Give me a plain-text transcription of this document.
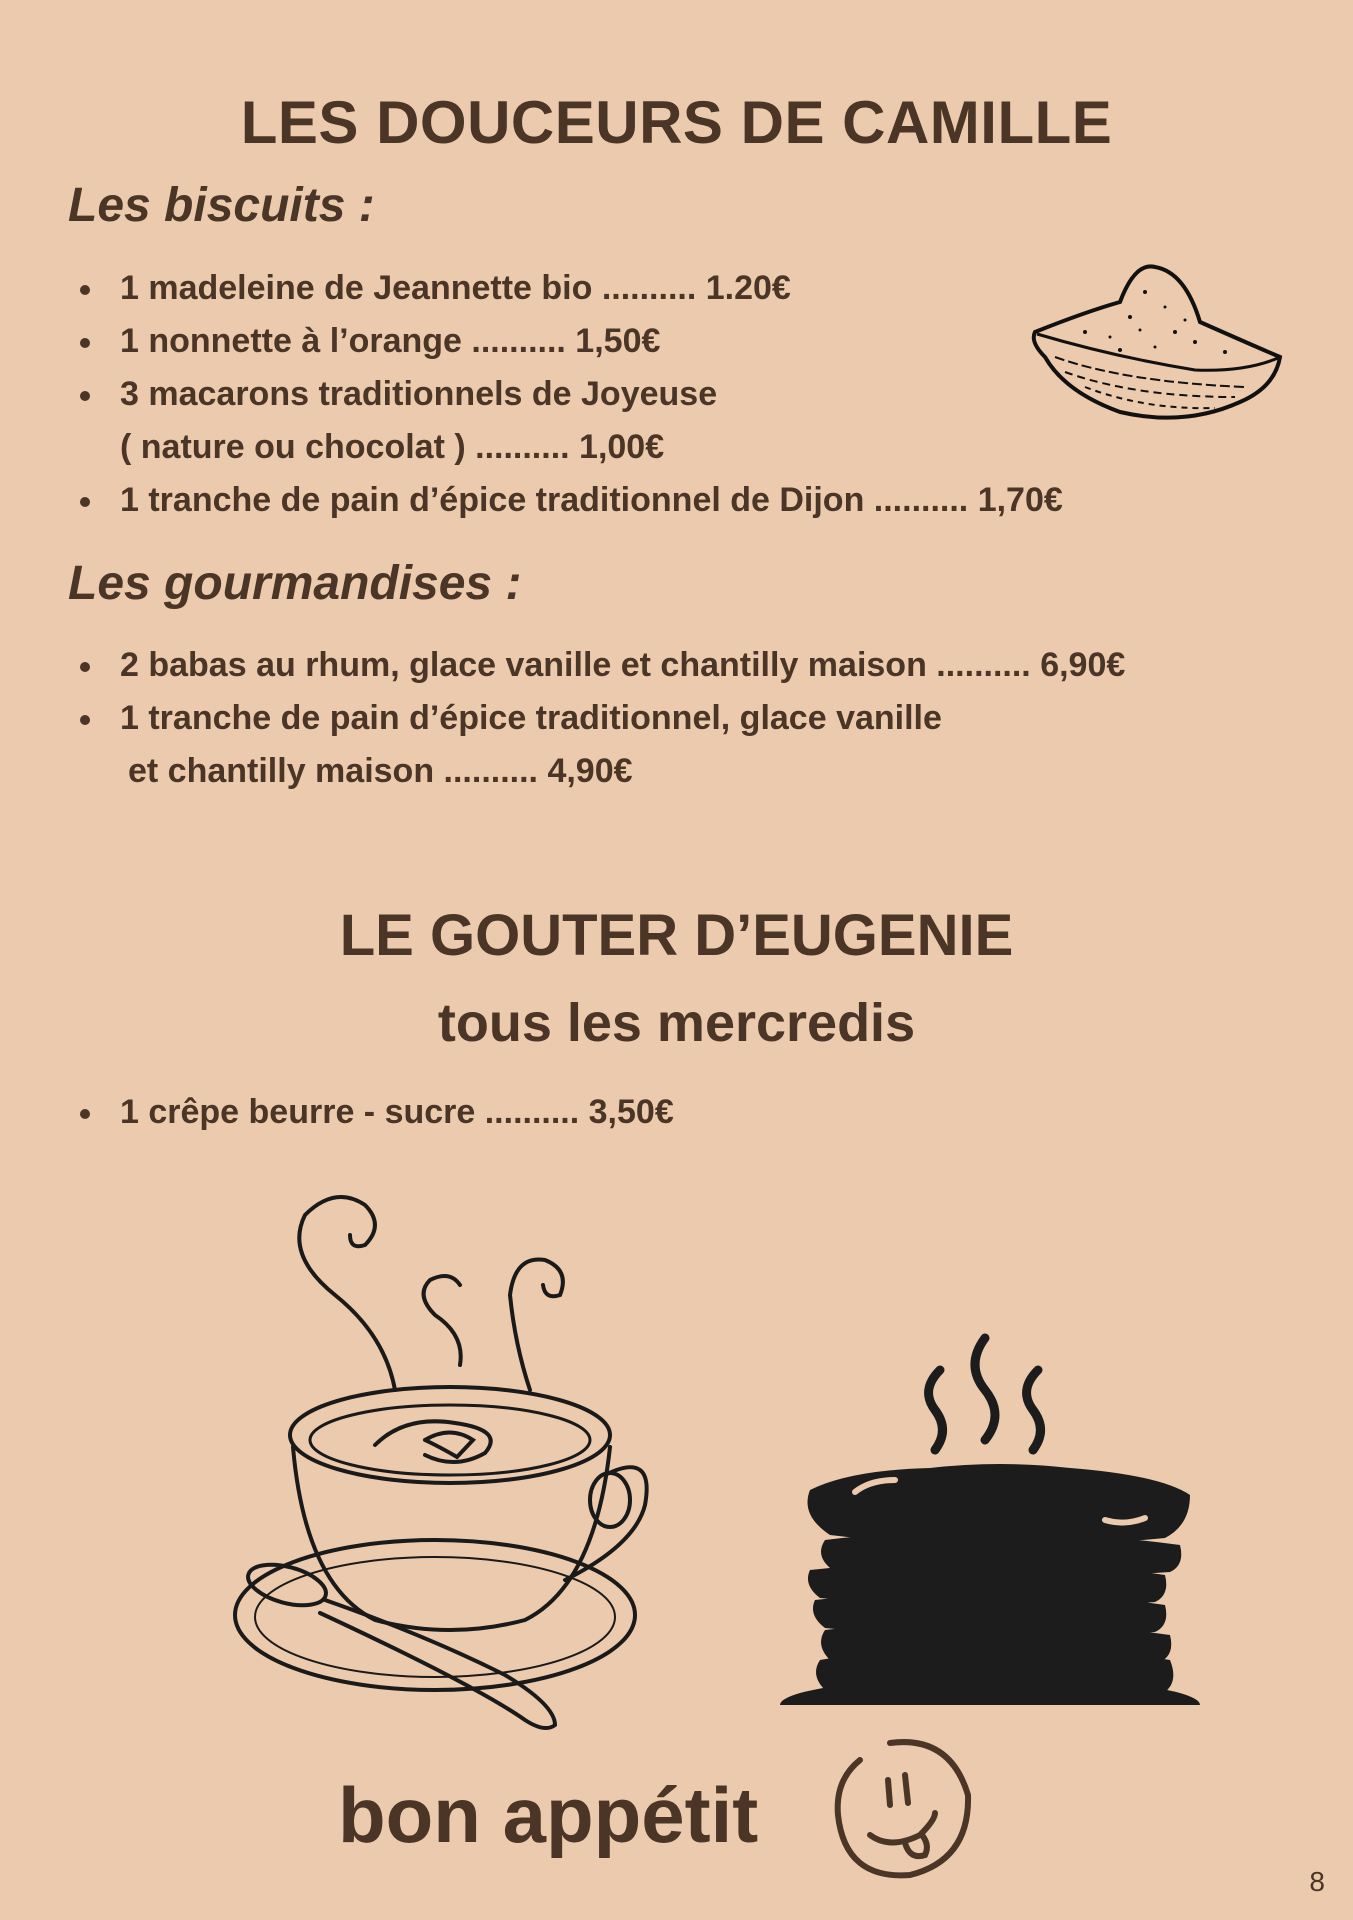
LES DOUCEURS DE CAMILLE
Les biscuits :
1 madeleine de Jeannette bio .......... 1.20€
1 nonnette à l’orange .......... 1,50€
3 macarons traditionnels de Joyeuse
( nature ou chocolat ) .......... 1,00€
1 tranche de pain d’épice traditionnel de Dijon .......... 1,70€
Les gourmandises :
2 babas au rhum, glace vanille et chantilly maison .......... 6,90€
1 tranche de pain d’épice traditionnel, glace vanille
et chantilly maison .......... 4,90€
LE GOUTER D’EUGENIE
tous les mercredis
1 crêpe beurre - sucre .......... 3,50€
bon appétit
8
